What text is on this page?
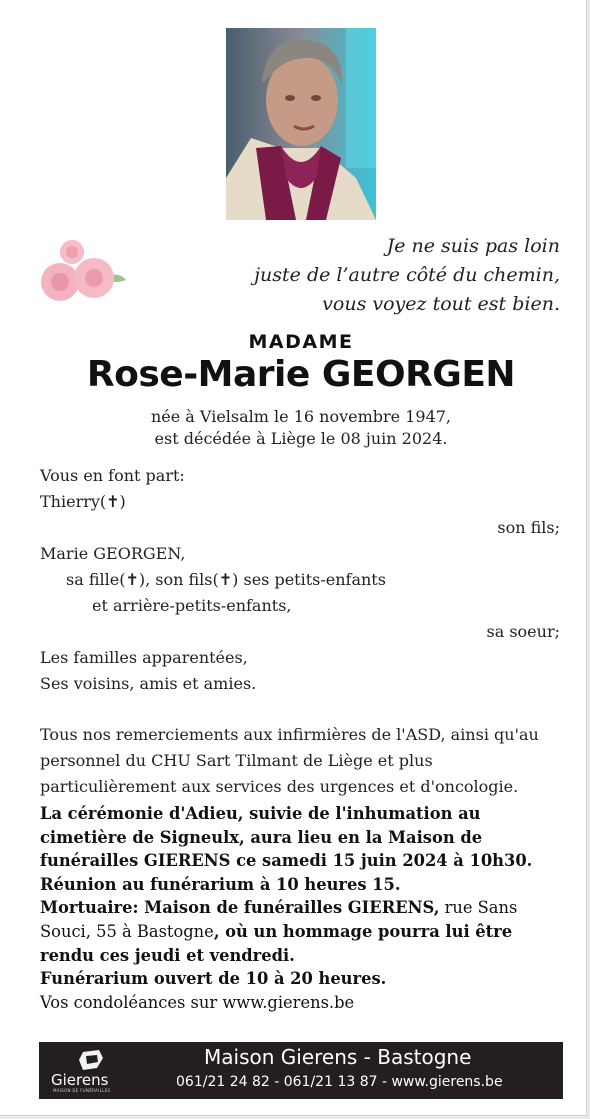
Je ne suis pas loin
juste de l’autre côté du chemin,
vous voyez tout est bien.
MADAME
Rose-Marie GEORGEN
née à Vielsalm le 16 novembre 1947,
est décédée à Liège le 08 juin 2024.
Vous en font part:
Thierry(✝)
son fils;
Marie GEORGEN,
sa fille(✝), son fils(✝) ses petits-enfants
et arrière-petits-enfants,
sa soeur;
Les familles apparentées,
Ses voisins, amis et amies.
Tous nos remerciements aux infirmières de l'ASD, ainsi qu'au personnel du CHU Sart Tilmant de Liège et plus particulièrement aux services des urgences et d'oncologie.
La cérémonie d'Adieu, suivie de l'inhumation au cimetière de Signeulx, aura lieu en la Maison de funérailles GIERENS ce samedi 15 juin 2024 à 10h30. Réunion au funérarium à 10 heures 15.
Mortuaire: Maison de funérailles GIERENS, rue Sans Souci, 55 à Bastogne, où un hommage pourra lui être rendu ces jeudi et vendredi.
Funérarium ouvert de 10 à 20 heures.
Vos condoléances sur www.gierens.be
Gierens
MAISON DE FUNÉRAILLES
Maison Gierens - Bastogne
061/21 24 82 - 061/21 13 87 - www.gierens.be
